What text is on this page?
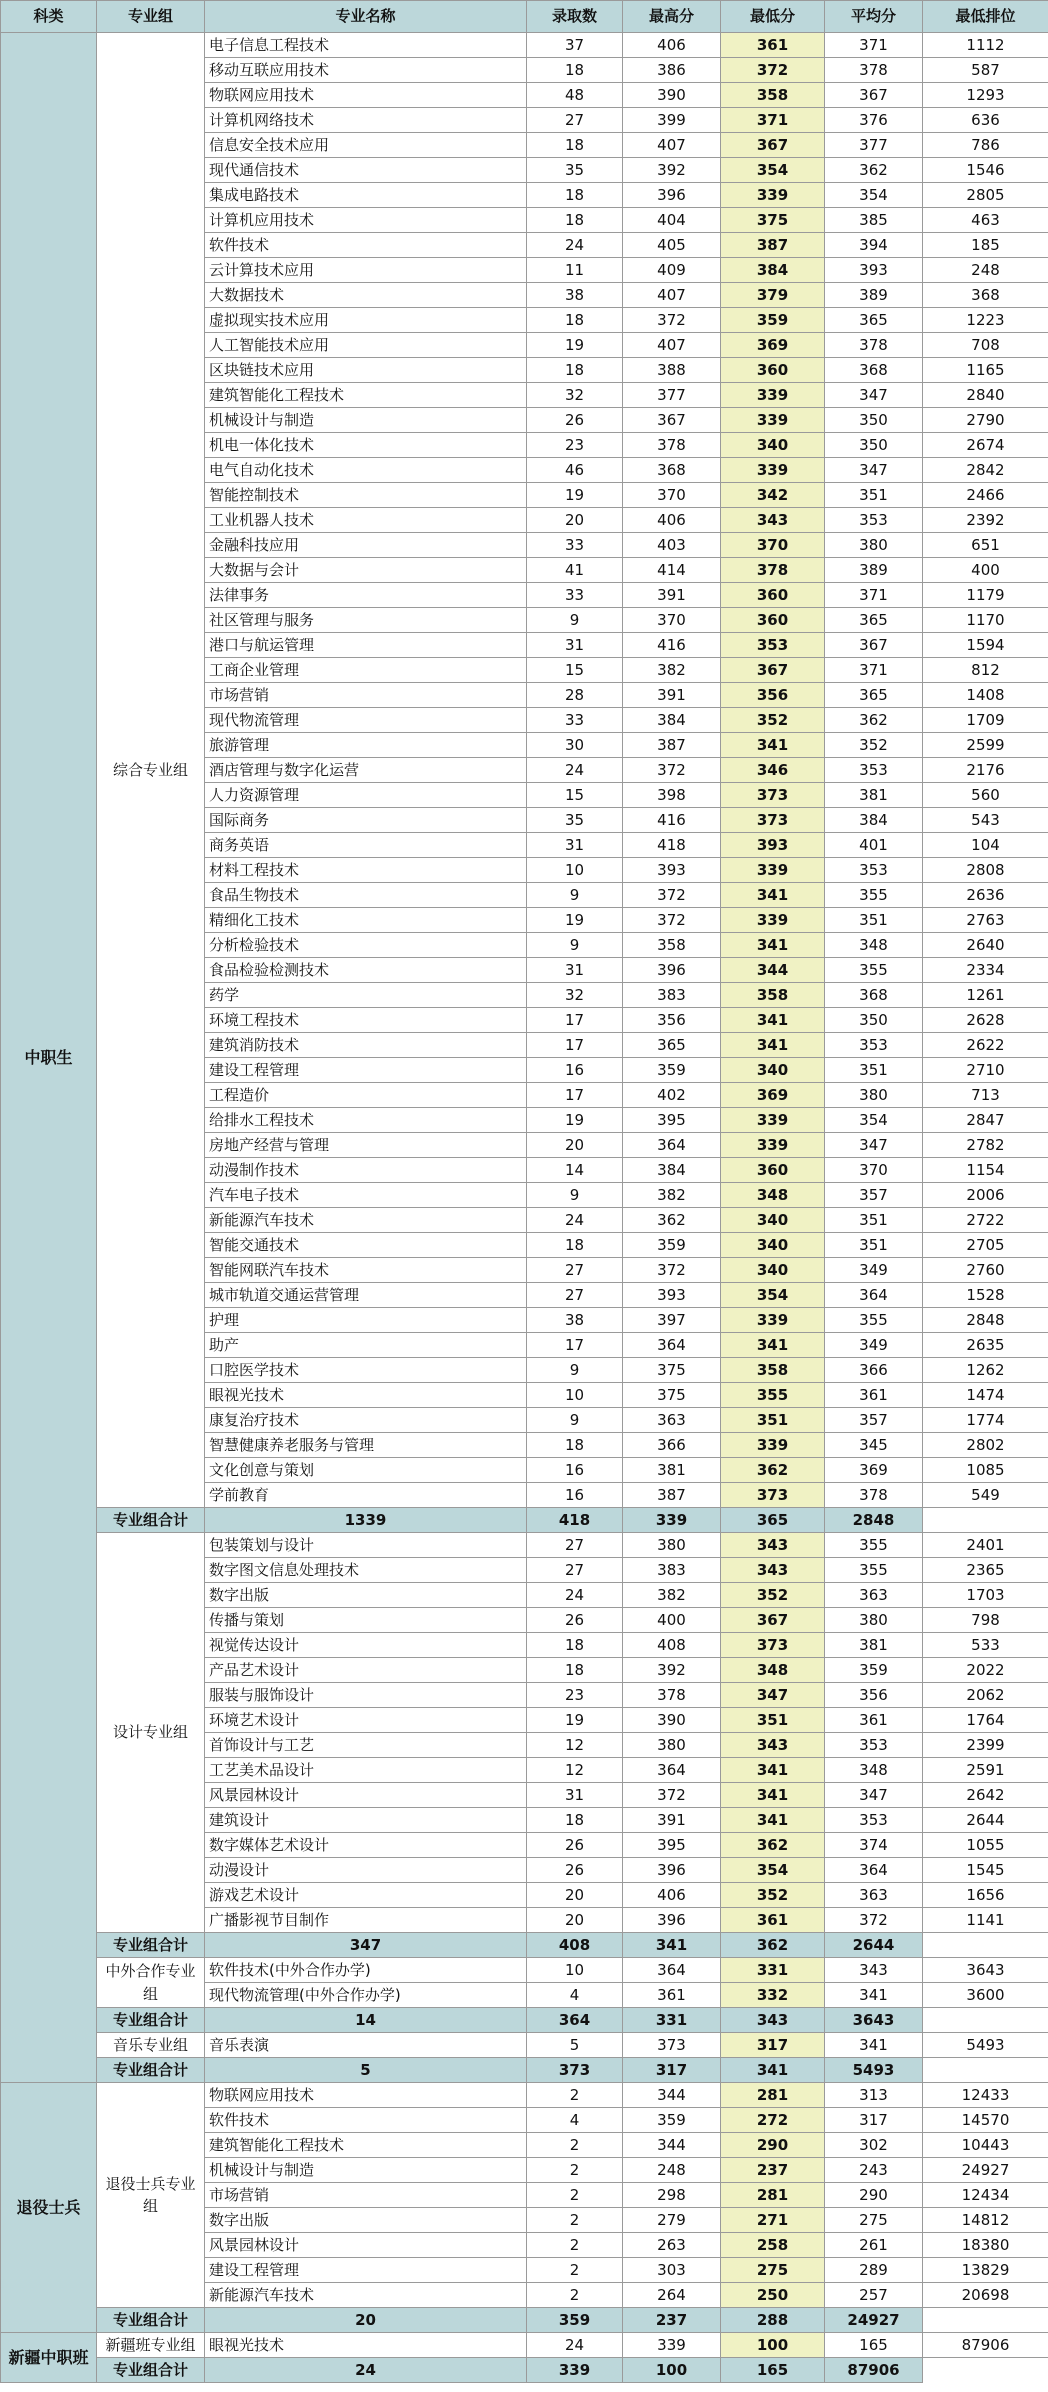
科类	专业组	专业名称	录取数	最高分	最低分	平均分	最低排位
中职生	综合专业组	电子信息工程技术	37	406	361	371	1112
		移动互联应用技术	18	386	372	378	587
		物联网应用技术	48	390	358	367	1293
		计算机网络技术	27	399	371	376	636
		信息安全技术应用	18	407	367	377	786
		现代通信技术	35	392	354	362	1546
		集成电路技术	18	396	339	354	2805
		计算机应用技术	18	404	375	385	463
		软件技术	24	405	387	394	185
		云计算技术应用	11	409	384	393	248
		大数据技术	38	407	379	389	368
		虚拟现实技术应用	18	372	359	365	1223
		人工智能技术应用	19	407	369	378	708
		区块链技术应用	18	388	360	368	1165
		建筑智能化工程技术	32	377	339	347	2840
		机械设计与制造	26	367	339	350	2790
		机电一体化技术	23	378	340	350	2674
		电气自动化技术	46	368	339	347	2842
		智能控制技术	19	370	342	351	2466
		工业机器人技术	20	406	343	353	2392
		金融科技应用	33	403	370	380	651
		大数据与会计	41	414	378	389	400
		法律事务	33	391	360	371	1179
		社区管理与服务	9	370	360	365	1170
		港口与航运管理	31	416	353	367	1594
		工商企业管理	15	382	367	371	812
		市场营销	28	391	356	365	1408
		现代物流管理	33	384	352	362	1709
		旅游管理	30	387	341	352	2599
		酒店管理与数字化运营	24	372	346	353	2176
		人力资源管理	15	398	373	381	560
		国际商务	35	416	373	384	543
		商务英语	31	418	393	401	104
		材料工程技术	10	393	339	353	2808
		食品生物技术	9	372	341	355	2636
		精细化工技术	19	372	339	351	2763
		分析检验技术	9	358	341	348	2640
		食品检验检测技术	31	396	344	355	2334
		药学	32	383	358	368	1261
		环境工程技术	17	356	341	350	2628
		建筑消防技术	17	365	341	353	2622
		建设工程管理	16	359	340	351	2710
		工程造价	17	402	369	380	713
		给排水工程技术	19	395	339	354	2847
		房地产经营与管理	20	364	339	347	2782
		动漫制作技术	14	384	360	370	1154
		汽车电子技术	9	382	348	357	2006
		新能源汽车技术	24	362	340	351	2722
		智能交通技术	18	359	340	351	2705
		智能网联汽车技术	27	372	340	349	2760
		城市轨道交通运营管理	27	393	354	364	1528
		护理	38	397	339	355	2848
		助产	17	364	341	349	2635
		口腔医学技术	9	375	358	366	1262
		眼视光技术	10	375	355	361	1474
		康复治疗技术	9	363	351	357	1774
		智慧健康养老服务与管理	18	366	339	345	2802
		文化创意与策划	16	381	362	369	1085
		学前教育	16	387	373	378	549
	专业组合计	1339	418	339	365	2848	
	设计专业组	包装策划与设计	27	380	343	355	2401
		数字图文信息处理技术	27	383	343	355	2365
		数字出版	24	382	352	363	1703
		传播与策划	26	400	367	380	798
		视觉传达设计	18	408	373	381	533
		产品艺术设计	18	392	348	359	2022
		服装与服饰设计	23	378	347	356	2062
		环境艺术设计	19	390	351	361	1764
		首饰设计与工艺	12	380	343	353	2399
		工艺美术品设计	12	364	341	348	2591
		风景园林设计	31	372	341	347	2642
		建筑设计	18	391	341	353	2644
		数字媒体艺术设计	26	395	362	374	1055
		动漫设计	26	396	354	364	1545
		游戏艺术设计	20	406	352	363	1656
		广播影视节目制作	20	396	361	372	1141
	专业组合计	347	408	341	362	2644	
	中外合作专业组	软件技术(中外合作办学)	10	364	331	343	3643
		现代物流管理(中外合作办学)	4	361	332	341	3600
	专业组合计	14	364	331	343	3643	
	音乐专业组	音乐表演	5	373	317	341	5493
	专业组合计	5	373	317	341	5493	
退役士兵	退役士兵专业组	物联网应用技术	2	344	281	313	12433
		软件技术	4	359	272	317	14570
		建筑智能化工程技术	2	344	290	302	10443
		机械设计与制造	2	248	237	243	24927
		市场营销	2	298	281	290	12434
		数字出版	2	279	271	275	14812
		风景园林设计	2	263	258	261	18380
		建设工程管理	2	303	275	289	13829
		新能源汽车技术	2	264	250	257	20698
	专业组合计	20	359	237	288	24927	
新疆中职班	新疆班专业组	眼视光技术	24	339	100	165	87906
	专业组合计	24	339	100	165	87906	
